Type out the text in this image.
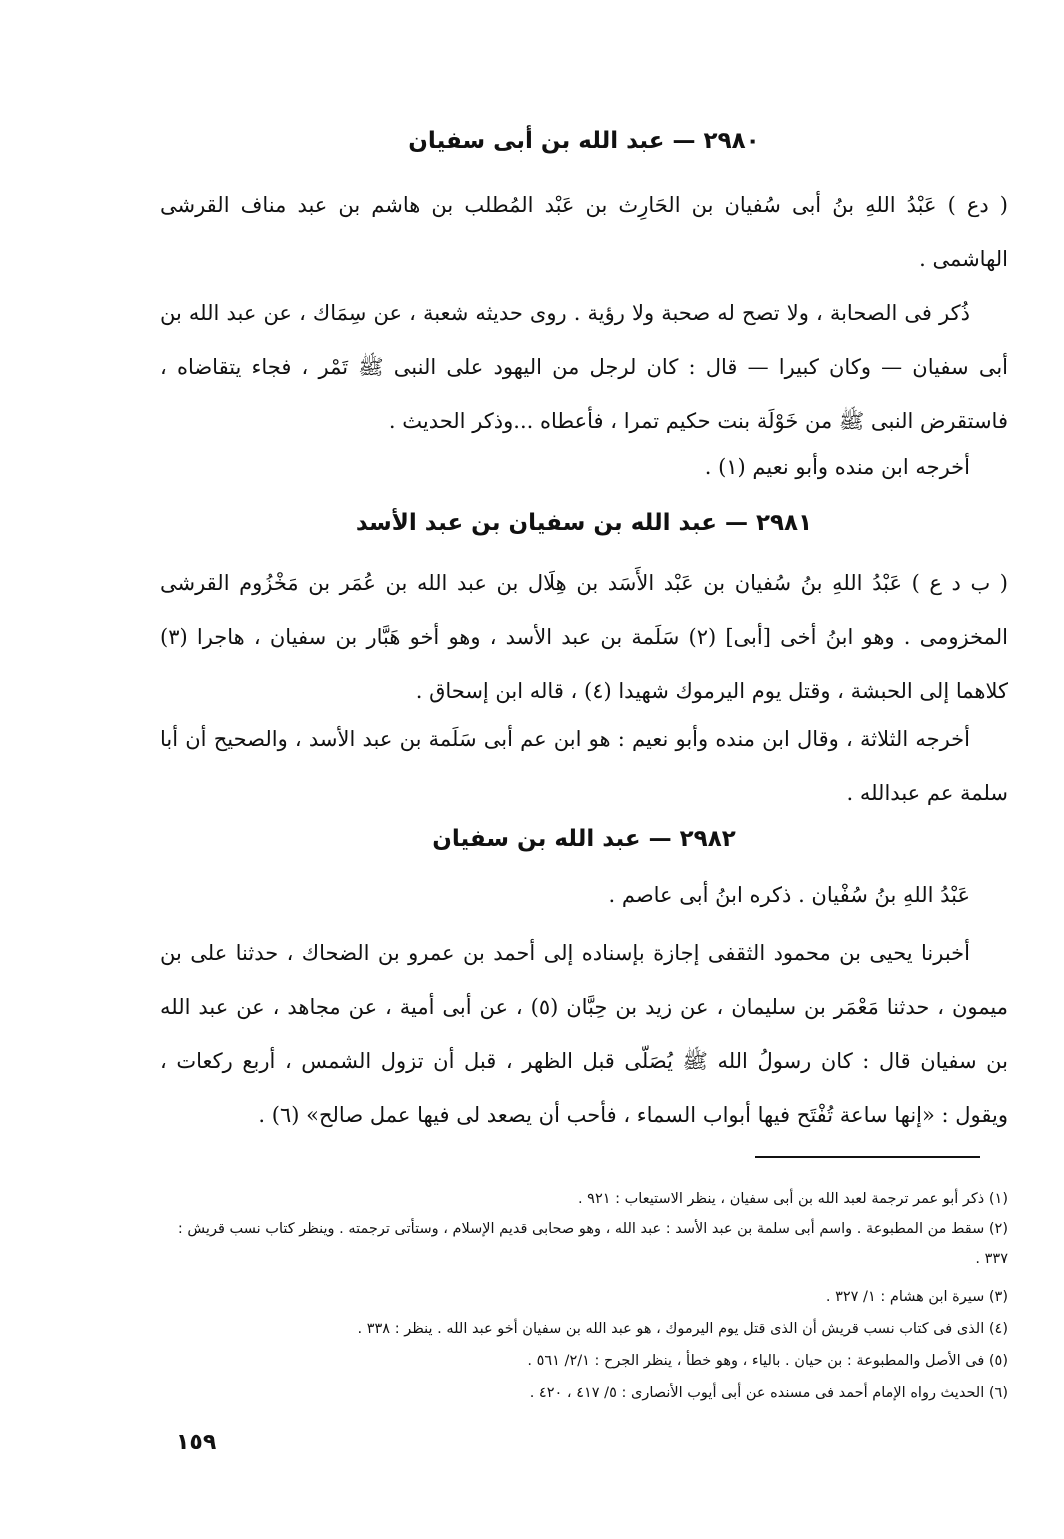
٢٩٨٠ — عبد الله بن أبى سفيان
( دع ) عَبْدُ اللهِ بنُ أبى سُفيان بن الحَارِث بن عَبْد المُطلب بن هاشم بن عبد مناف القرشى الهاشمى .
ذُكر فى الصحابة ، ولا تصح له صحبة ولا رؤية . روى حديثه شعبة ، عن سِمَاك ، عن عبد الله بن أبى سفيان — وكان كبيرا — قال : كان لرجل من اليهود على النبى ﷺ تَمْر ، فجاء يتقاضاه ، فاستقرض النبى ﷺ من خَوْلَة بنت حكيم تمرا ، فأعطاه ...وذكر الحديث .
أخرجه ابن منده وأبو نعيم (١) .
٢٩٨١ — عبد الله بن سفيان بن عبد الأسد
( ب د ع ) عَبْدُ اللهِ بنُ سُفيان بن عَبْد الأَسَد بن هِلَال بن عبد الله بن عُمَر بن مَخْزُوم القرشى المخزومى . وهو ابنُ أخى [أبى] (٢) سَلَمة بن عبد الأسد ، وهو أخو هَبَّار بن سفيان ، هاجرا (٣) كلاهما إلى الحبشة ، وقتل يوم اليرموك شهيدا (٤) ، قاله ابن إسحاق .
أخرجه الثلاثة ، وقال ابن منده وأبو نعيم : هو ابن عم أبى سَلَمة بن عبد الأسد ، والصحيح أن أبا سلمة عم عبدالله .
٢٩٨٢ — عبد الله بن سفيان
عَبْدُ اللهِ بنُ سُفْيان . ذكره ابنُ أبى عاصم .
أخبرنا يحيى بن محمود الثقفى إجازة بإسناده إلى أحمد بن عمرو بن الضحاك ، حدثنا على بن ميمون ، حدثنا مَعْمَر بن سليمان ، عن زيد بن حِبَّان (٥) ، عن أبى أمية ، عن مجاهد ، عن عبد الله بن سفيان قال : كان رسولُ الله ﷺ يُصَلّى قبل الظهر ، قبل أن تزول الشمس ، أربع ركعات ، ويقول : «إنها ساعة تُفْتَح فيها أبواب السماء ، فأحب أن يصعد لى فيها عمل صالح» (٦) .
(١) ذكر أبو عمر ترجمة لعبد الله بن أبى سفيان ، ينظر الاستيعاب : ٩٢١ .
(٢) سقط من المطبوعة . واسم أبى سلمة بن عبد الأسد : عبد الله ، وهو صحابى قديم الإسلام ، وستأتى ترجمته . وينظر كتاب نسب قريش : ٣٣٧ .
(٣) سيرة ابن هشام : ١/ ٣٢٧ .
(٤) الذى فى كتاب نسب قريش أن الذى قتل يوم اليرموك ، هو عبد الله بن سفيان أخو عبد الله . ينظر : ٣٣٨ .
(٥) فى الأصل والمطبوعة : بن حيان . بالياء ، وهو خطأ ، ينظر الجرح : ٢/١/ ٥٦١ .
(٦) الحديث رواه الإمام أحمد فى مسنده عن أبى أيوب الأنصارى : ٥/ ٤١٧ ، ٤٢٠ .
١٥٩
